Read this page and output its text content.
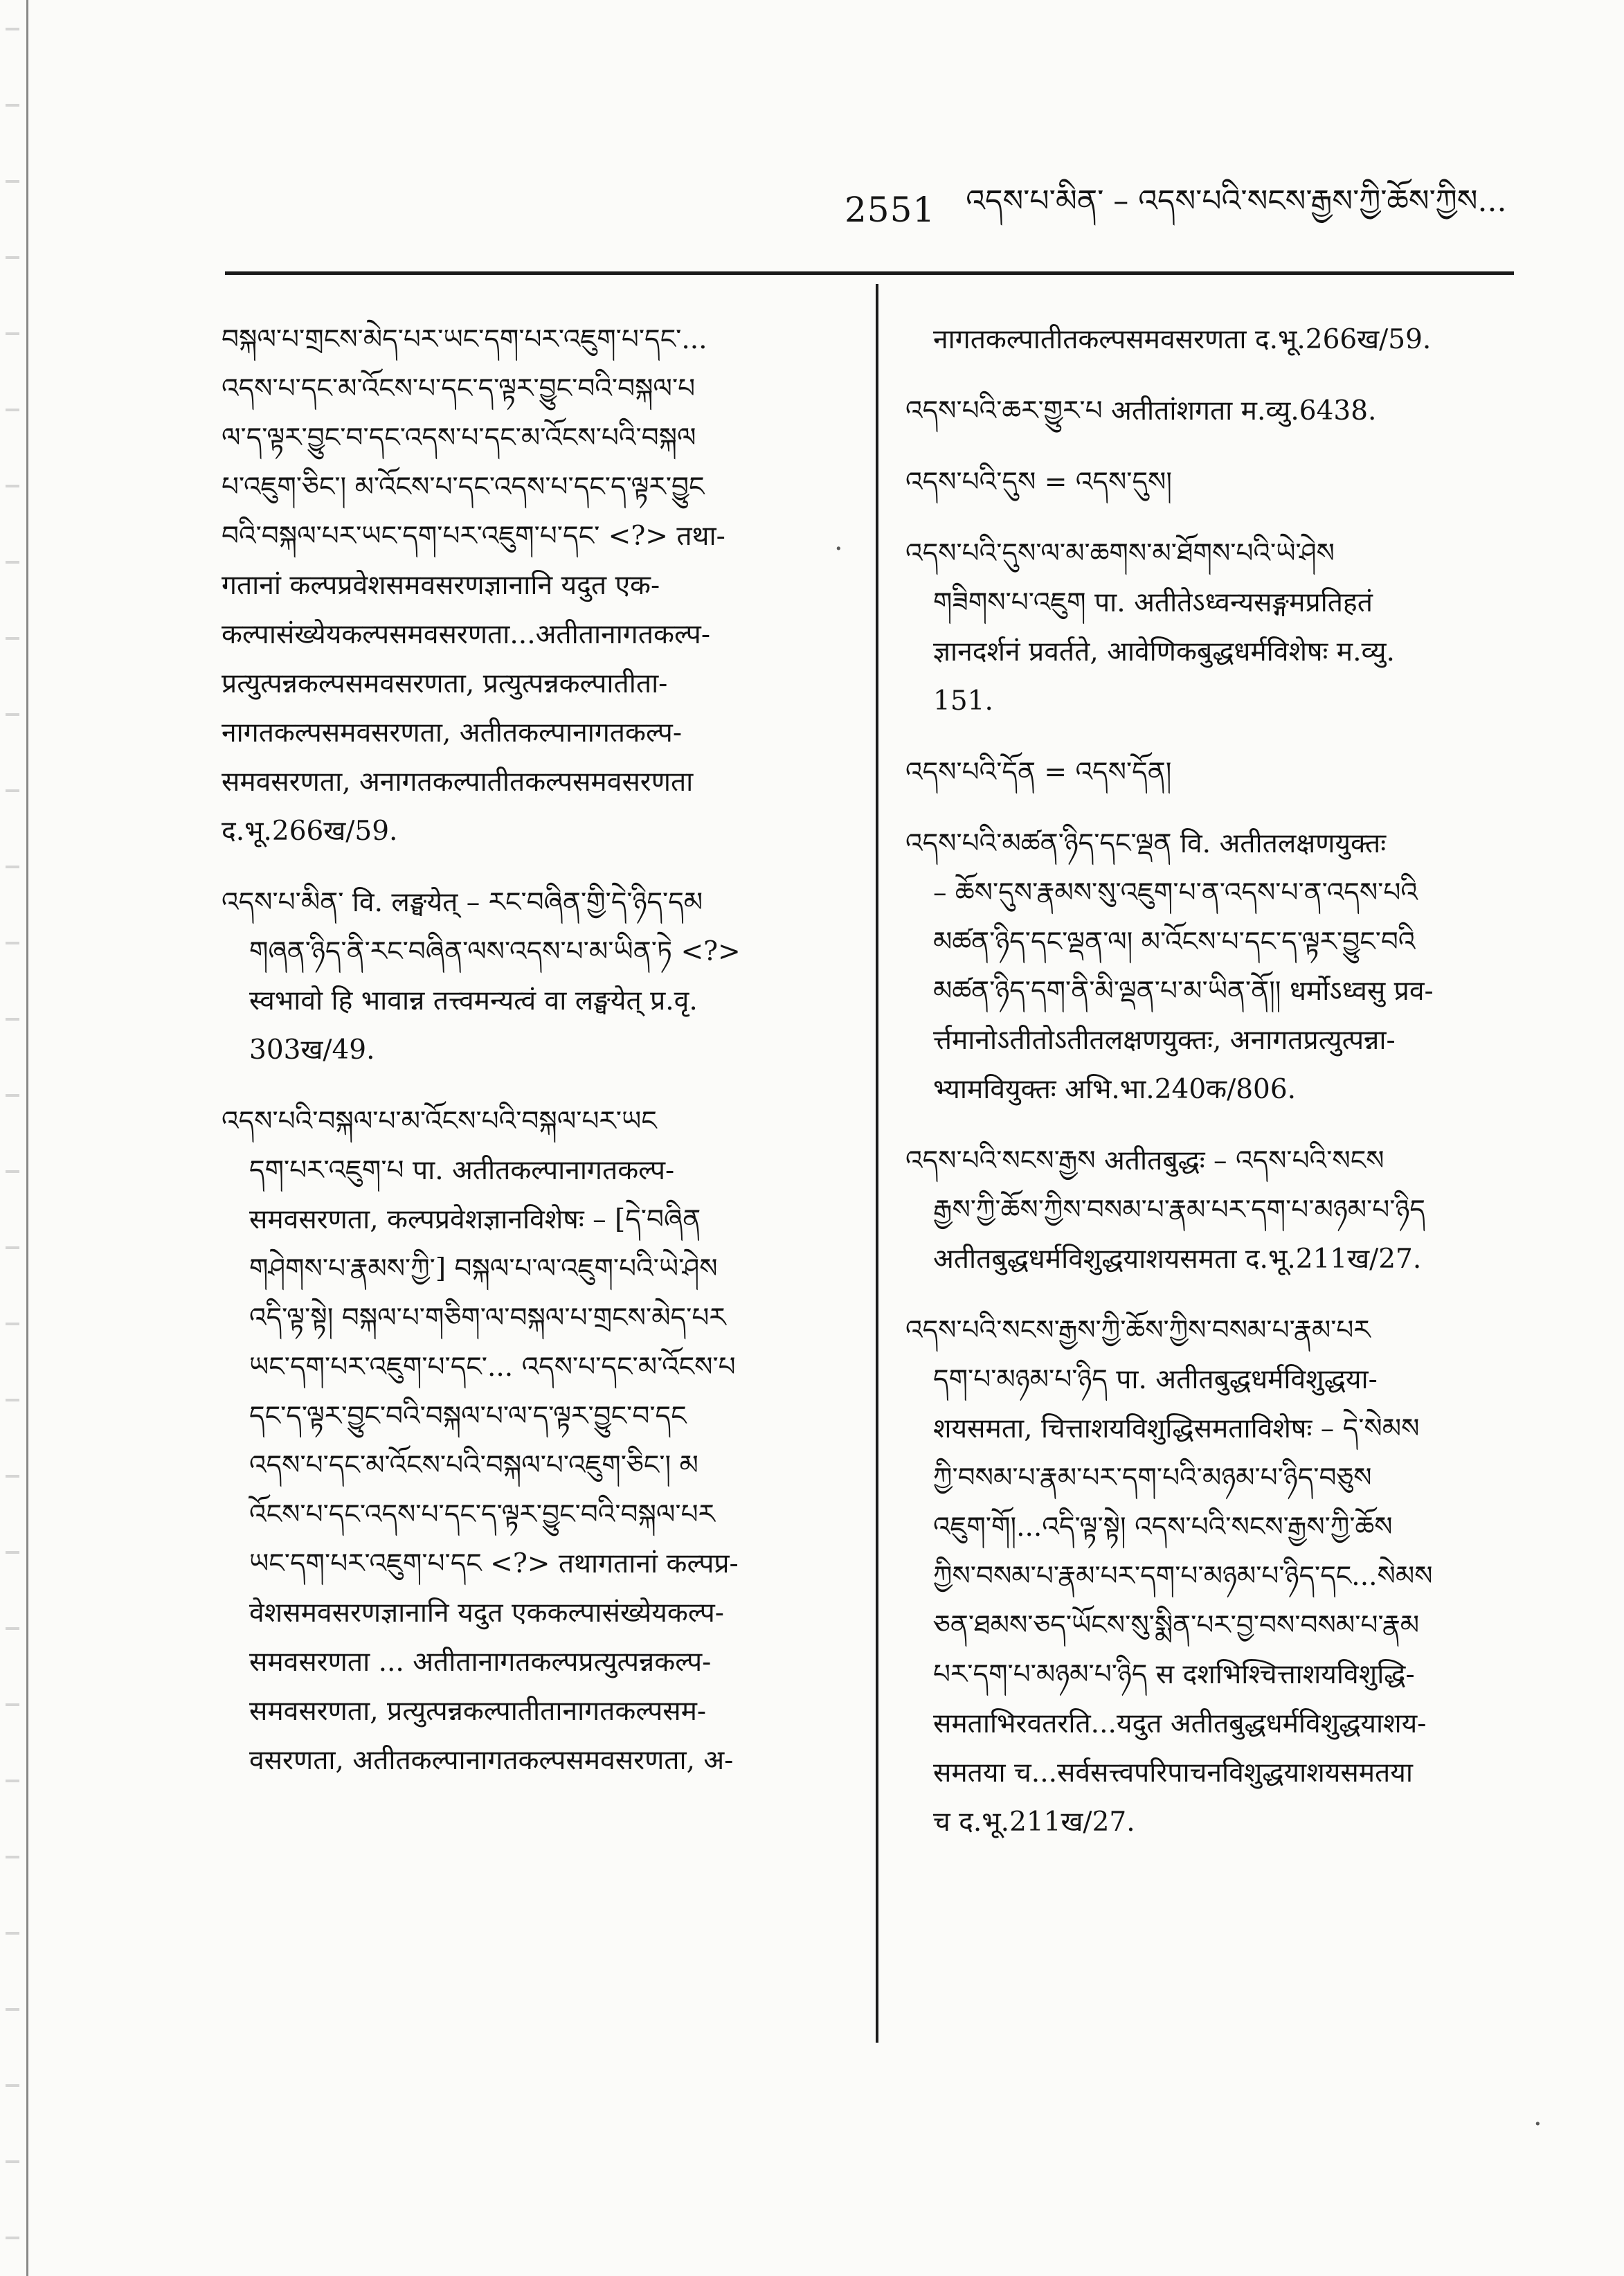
2551 འདས་པ་མིན་ – འདས་པའི་སངས་རྒྱས་ཀྱི་ཆོས་ཀྱིས...
བསྐལ་པ་གྲངས་མེད་པར་ཡང་དག་པར་འཇུག་པ་དང་...
འདས་པ་དང་མ་འོངས་པ་དང་ད་ལྟར་བྱུང་བའི་བསྐལ་པ
ལ་ད་ལྟར་བྱུང་བ་དང་འདས་པ་དང་མ་འོངས་པའི་བསྐལ
པ་འཇུག་ཅིང་། མ་འོངས་པ་དང་འདས་པ་དང་ད་ལྟར་བྱུང
བའི་བསྐལ་པར་ཡང་དག་པར་འཇུག་པ་དང་ <?> तथा-
गतानां कल्पप्रवेशसमवसरणज्ञानानि यदुत एक-
कल्पासंख्येयकल्पसमवसरणता...अतीतानागतकल्प-
प्रत्युत्पन्नकल्पसमवसरणता, प्रत्युत्पन्नकल्पातीता-
नागतकल्पसमवसरणता, अतीतकल्पानागतकल्प-
समवसरणता, अनागतकल्पातीतकल्पसमवसरणता
द.भू.266ख/59.
འདས་པ་མིན་ वि. लङ्घयेत् – རང་བཞིན་གྱི་དེ་ཉིད་དམ
གཞན་ཉིད་ནི་རང་བཞིན་ལས་འདས་པ་མ་ཡིན་ཏེ <?>
स्वभावो हि भावान्न तत्त्वमन्यत्वं वा लङ्घयेत् प्र.वृ.
303ख/49.
འདས་པའི་བསྐལ་པ་མ་འོངས་པའི་བསྐལ་པར་ཡང
དག་པར་འཇུག་པ पा. अतीतकल्पानागतकल्प-
समवसरणता, कल्पप्रवेशज्ञानविशेषः – [དེ་བཞིན
གཤེགས་པ་རྣམས་ཀྱི་] བསྐལ་པ་ལ་འཇུག་པའི་ཡེ་ཤེས
འདི་ལྟ་སྟེ། བསྐལ་པ་གཅིག་ལ་བསྐལ་པ་གྲངས་མེད་པར
ཡང་དག་པར་འཇུག་པ་དང་... འདས་པ་དང་མ་འོངས་པ
དང་ད་ལྟར་བྱུང་བའི་བསྐལ་པ་ལ་ད་ལྟར་བྱུང་བ་དང
འདས་པ་དང་མ་འོངས་པའི་བསྐལ་པ་འཇུག་ཅིང་། མ
འོངས་པ་དང་འདས་པ་དང་ད་ལྟར་བྱུང་བའི་བསྐལ་པར
ཡང་དག་པར་འཇུག་པ་དང <?> तथागतानां कल्पप्र-
वेशसमवसरणज्ञानानि यदुत एककल्पासंख्येयकल्प-
समवसरणता ... अतीतानागतकल्पप्रत्युत्पन्नकल्प-
समवसरणता, प्रत्युत्पन्नकल्पातीतानागतकल्पसम-
वसरणता, अतीतकल्पानागतकल्पसमवसरणता, अ-
नागतकल्पातीतकल्पसमवसरणता द.भू.266ख/59.
འདས་པའི་ཆར་གྱུར་པ अतीतांशगता म.व्यु.6438.
འདས་པའི་དུས = འདས་དུས།
འདས་པའི་དུས་ལ་མ་ཆགས་མ་ཐོགས་པའི་ཡེ་ཤེས
གཟིགས་པ་འཇུག पा. अतीतेऽध्वन्यसङ्गमप्रतिहतं
ज्ञानदर्शनं प्रवर्तते, आवेणिकबुद्धधर्मविशेषः म.व्यु.
151.
འདས་པའི་དོན = འདས་དོན།
འདས་པའི་མཚན་ཉིད་དང་ལྡན वि. अतीतलक्षणयुक्तः
– ཆོས་དུས་རྣམས་སུ་འཇུག་པ་ན་འདས་པ་ན་འདས་པའི
མཚན་ཉིད་དང་ལྡན་ལ། མ་འོངས་པ་དང་ད་ལྟར་བྱུང་བའི
མཚན་ཉིད་དག་ནི་མི་ལྡན་པ་མ་ཡིན་ནོ།། धर्मोऽध्वसु प्रव-
र्त्तमानोऽतीतोऽतीतलक्षणयुक्तः, अनागतप्रत्युत्पन्ना-
भ्यामवियुक्तः अभि.भा.240क/806.
འདས་པའི་སངས་རྒྱས अतीतबुद्धः – འདས་པའི་སངས
རྒྱས་ཀྱི་ཆོས་ཀྱིས་བསམ་པ་རྣམ་པར་དག་པ་མཉམ་པ་ཉིད
अतीतबुद्धधर्मविशुद्धयाशयसमता द.भू.211ख/27.
འདས་པའི་སངས་རྒྱས་ཀྱི་ཆོས་ཀྱིས་བསམ་པ་རྣམ་པར
དག་པ་མཉམ་པ་ཉིད पा. अतीतबुद्धधर्मविशुद्धया-
शयसमता, चित्ताशयविशुद्धिसमताविशेषः – དེ་སེམས
ཀྱི་བསམ་པ་རྣམ་པར་དག་པའི་མཉམ་པ་ཉིད་བཅུས
འཇུག་གོ།...འདི་ལྟ་སྟེ། འདས་པའི་སངས་རྒྱས་ཀྱི་ཆོས
ཀྱིས་བསམ་པ་རྣམ་པར་དག་པ་མཉམ་པ་ཉིད་དང...སེམས
ཅན་ཐམས་ཅད་ཡོངས་སུ་སྨིན་པར་བྱ་བས་བསམ་པ་རྣམ
པར་དག་པ་མཉམ་པ་ཉིད स दशभिश्चित्ताशयविशुद्धि-
समताभिरवतरति...यदुत अतीतबुद्धधर्मविशुद्धयाशय-
समतया च...सर्वसत्त्वपरिपाचनविशुद्धयाशयसमतया
च द.भू.211ख/27.
·
·
